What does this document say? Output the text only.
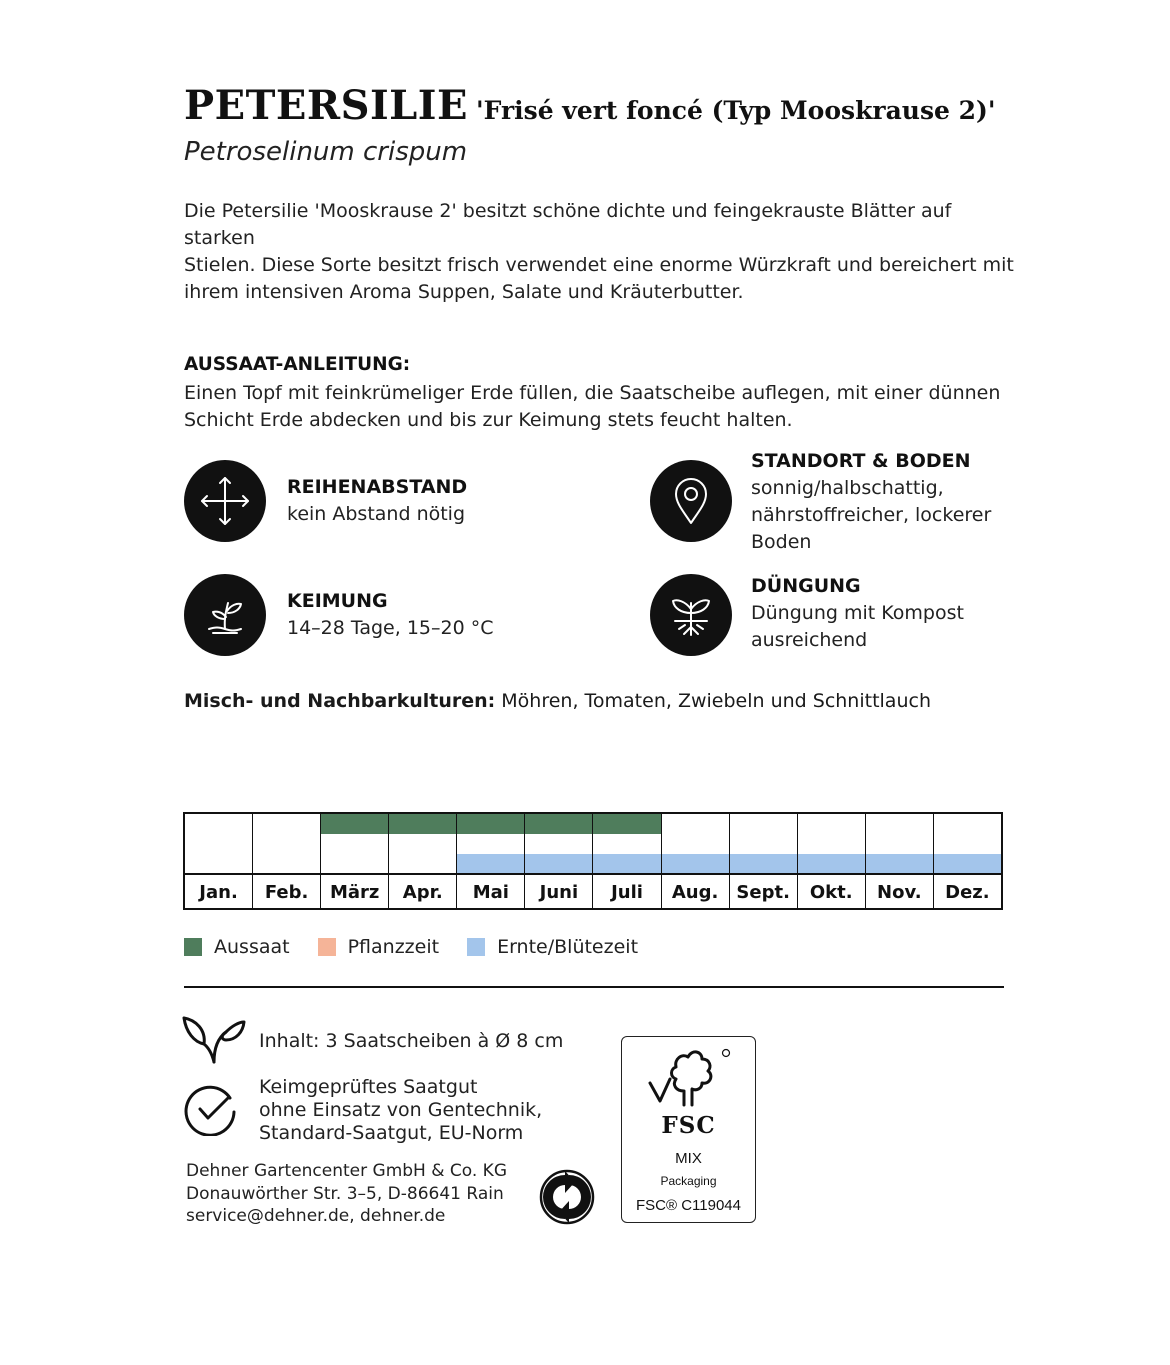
PETERSILIE 'Frisé vert foncé (Typ Mooskrause 2)'
Petroselinum crispum
Die Petersilie 'Mooskrause 2' besitzt schöne dichte und feingekrauste Blätter auf starken
Stielen. Diese Sorte besitzt frisch verwendet eine enorme Würzkraft und bereichert mit
ihrem intensiven Aroma Suppen, Salate und Kräuterbutter.
AUSSAAT-ANLEITUNG:
Einen Topf mit feinkrümeliger Erde füllen, die Saatscheibe auflegen, mit einer dünnen
Schicht Erde abdecken und bis zur Keimung stets feucht halten.
REIHENABSTAND
kein Abstand nötig
STANDORT & BODEN
sonnig/halbschattig,
nährstoffreicher, lockerer
Boden
KEIMUNG
14–28 Tage, 15–20 °C
DÜNGUNG
Düngung mit Kompost
ausreichend
Misch- und Nachbarkulturen: Möhren, Tomaten, Zwiebeln und Schnittlauch
Jan.	Feb.	März	Apr.	Mai	Juni	Juli	Aug.	Sept.	Okt.	Nov.	Dez.
Aussaat	Pflanzzeit	Ernte/Blütezeit
Inhalt: 3 Saatscheiben à Ø 8 cm
Keimgeprüftes Saatgut
ohne Einsatz von Gentechnik,
Standard-Saatgut, EU-Norm
Dehner Gartencenter GmbH & Co. KG
Donauwörther Str. 3–5, D-86641 Rain
service@dehner.de, dehner.de
FSC
MIX
Packaging
FSC® C119044
